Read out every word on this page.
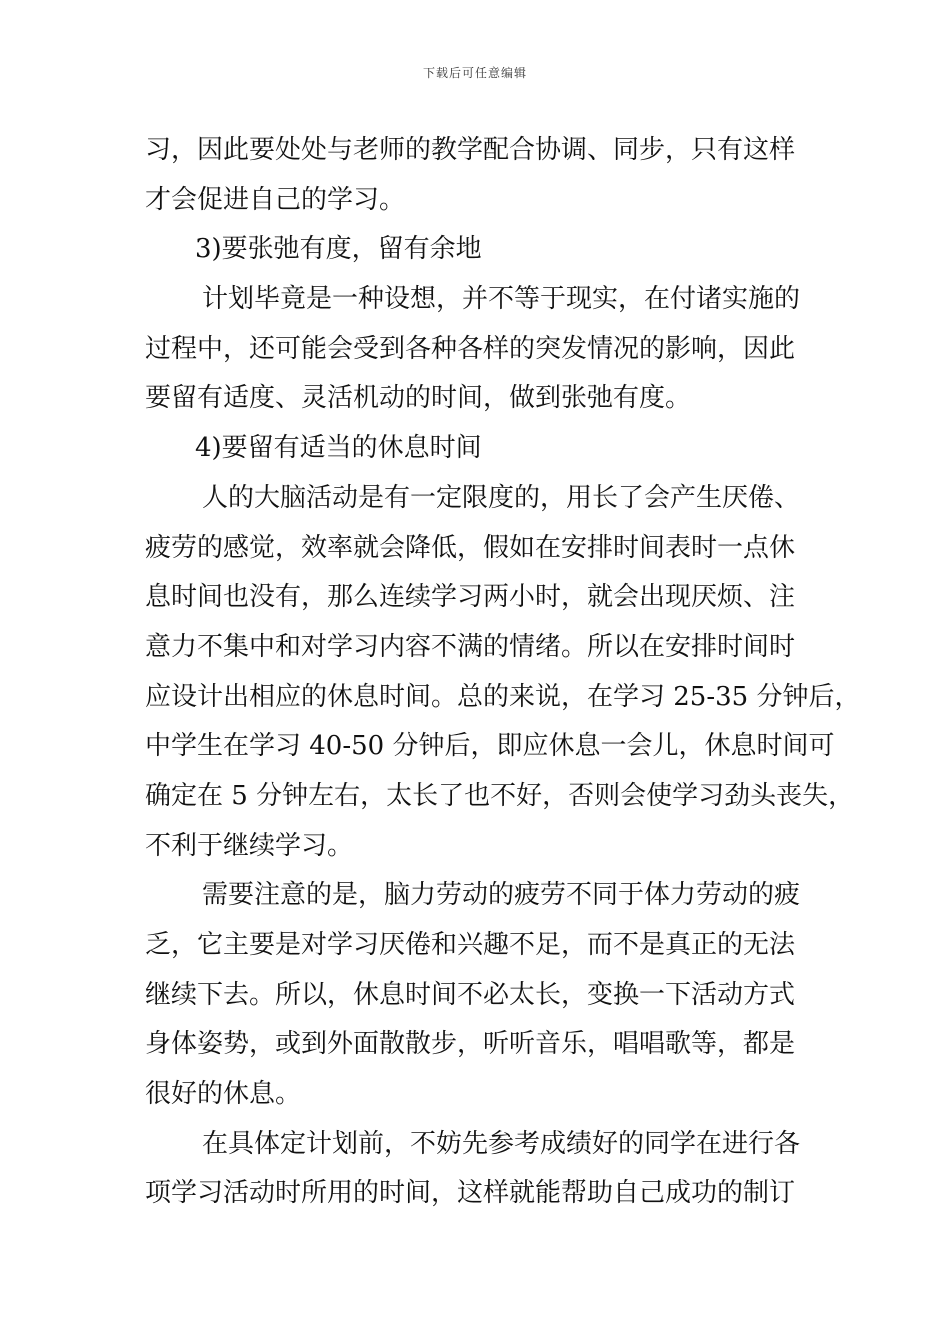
下载后可任意编辑
习，因此要处处与老师的教学配合协调、同步，只有这样
才会促进自己的学习。
3)要张弛有度，留有余地
计划毕竟是一种设想，并不等于现实，在付诸实施的
过程中，还可能会受到各种各样的突发情况的影响，因此
要留有适度、灵活机动的时间，做到张弛有度。
4)要留有适当的休息时间
人的大脑活动是有一定限度的，用长了会产生厌倦、
疲劳的感觉，效率就会降低，假如在安排时间表时一点休
息时间也没有，那么连续学习两小时，就会出现厌烦、注
意力不集中和对学习内容不满的情绪。所以在安排时间时
应设计出相应的休息时间。总的来说，在学习 25-35 分钟后，
中学生在学习 40-50 分钟后，即应休息一会儿，休息时间可
确定在 5 分钟左右，太长了也不好，否则会使学习劲头丧失，
不利于继续学习。
需要注意的是，脑力劳动的疲劳不同于体力劳动的疲
乏，它主要是对学习厌倦和兴趣不足，而不是真正的无法
继续下去。所以，休息时间不必太长，变换一下活动方式
身体姿势，或到外面散散步，听听音乐，唱唱歌等，都是
很好的休息。
在具体定计划前，不妨先参考成绩好的同学在进行各
项学习活动时所用的时间，这样就能帮助自己成功的制订
